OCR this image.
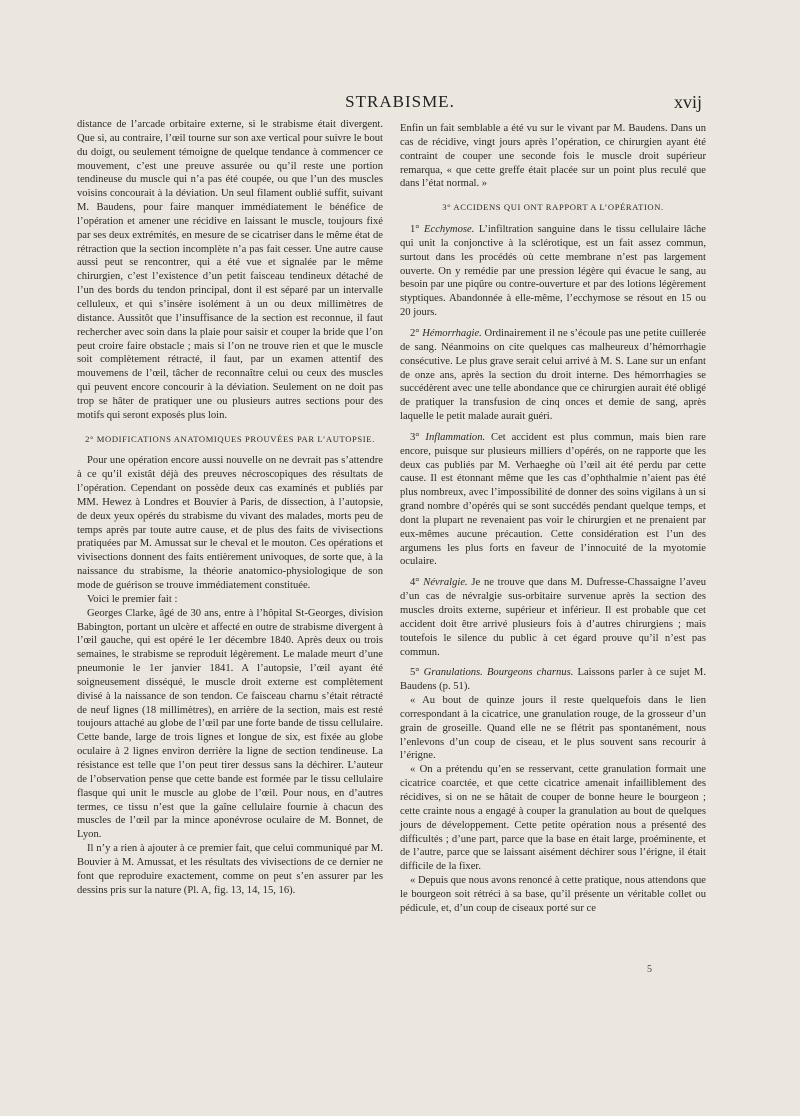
STRABISME.	xvij

distance de l’arcade orbitaire externe, si le strabisme était divergent. Que si, au contraire, l’œil tourne sur son axe vertical pour suivre le bout du doigt, ou seulement témoigne de quelque tendance à commencer ce mouvement, c’est une preuve assurée ou qu’il reste une portion tendineuse du muscle qui n’a pas été coupée, ou que l’un des muscles voisins concourait à la déviation. Un seul filament oublié suffit, suivant M. Baudens, pour faire manquer immédiatement le bénéfice de l’opération et amener une récidive en laissant le muscle, toujours fixé par ses deux extrémités, en mesure de se cicatriser dans le même état de rétraction que la section incomplète n’a pas fait cesser. Une autre cause aussi peut se rencontrer, qui a été vue et signalée par le même chirurgien, c’est l’existence d’un petit faisceau tendineux détaché de l’un des bords du tendon principal, dont il est séparé par un intervalle celluleux, et qui s’insère isolément à un ou deux millimètres de distance. Aussitôt que l’insuffisance de la section est reconnue, il faut rechercher avec soin dans la plaie pour saisir et couper la bride que l’on peut croire faire obstacle ; mais si l’on ne trouve rien et que le muscle soit complètement rétracté, il faut, par un examen attentif des mouvemens de l’œil, tâcher de reconnaître celui ou ceux des muscles qui peuvent encore concourir à la déviation. Seulement on ne doit pas trop se hâter de pratiquer une ou plusieurs autres sections pour des motifs qui seront exposés plus loin.

2° MODIFICATIONS ANATOMIQUES PROUVÉES PAR L’AUTOPSIE.

Pour une opération encore aussi nouvelle on ne devrait pas s’attendre à ce qu’il existât déjà des preuves nécroscopiques des résultats de l’opération. Cependant on possède deux cas examinés et publiés par MM. Hewez à Londres et Bouvier à Paris, de dissection, à l’autopsie, de deux yeux opérés du strabisme du vivant des malades, morts peu de temps après par toute autre cause, et de plus des faits de vivisections pratiquées par M. Amussat sur le cheval et le mouton. Ces opérations et vivisections donnent des faits entièrement univoques, de sorte que, à la naissance du strabisme, la théorie anatomico-physiologique de son mode de guérison se trouve immédiatement constituée.

Voici le premier fait :

Georges Clarke, âgé de 30 ans, entre à l’hôpital St-Georges, division Babington, portant un ulcère et affecté en outre de strabisme divergent à l’œil gauche, qui est opéré le 1er décembre 1840. Après deux ou trois semaines, le strabisme se reproduit légèrement. Le malade meurt d’une pneumonie le 1er janvier 1841. A l’autopsie, l’œil ayant été soigneusement disséqué, le muscle droit externe est complètement divisé à la naissance de son tendon. Ce faisceau charnu s’était rétracté de neuf lignes (18 millimètres), en arrière de la section, mais est resté toujours attaché au globe de l’œil par une forte bande de tissu cellulaire. Cette bande, large de trois lignes et longue de six, est fixée au globe oculaire à 2 lignes environ derrière la ligne de section tendineuse. La résistance est telle que l’on peut tirer dessus sans la déchirer. L’auteur de l’observation pense que cette bande est formée par le tissu cellulaire flasque qui unit le muscle au globe de l’œil. Pour nous, en d’autres termes, ce tissu n’est que la gaîne cellulaire fournie à chacun des muscles de l’œil par la mince aponévrose oculaire de M. Bonnet, de Lyon.

Il n’y a rien à ajouter à ce premier fait, que celui communiqué par M. Bouvier à M. Amussat, et les résultats des vivisections de ce dernier ne font que reproduire exactement, comme on peut s’en assurer par les dessins pris sur la nature (Pl. A, fig. 13, 14, 15, 16).

Enfin un fait semblable a été vu sur le vivant par M. Baudens. Dans un cas de récidive, vingt jours après l’opération, ce chirurgien ayant été contraint de couper une seconde fois le muscle droit supérieur remarqua, « que cette greffe était placée sur un point plus reculé que dans l’état normal. »

3° ACCIDENS QUI ONT RAPPORT A L’OPÉRATION.

1° Ecchymose. L’infiltration sanguine dans le tissu cellulaire lâche qui unit la conjonctive à la sclérotique, est un fait assez commun, surtout dans les procédés où cette membrane n’est pas largement ouverte. On y remédie par une pression légère qui évacue le sang, au besoin par une piqûre ou contre-ouverture et par des lotions légèrement styptiques. Abandonnée à elle-même, l’ecchymose se résout en 15 ou 20 jours.

2° Hémorrhagie. Ordinairement il ne s’écoule pas une petite cuillerée de sang. Néanmoins on cite quelques cas malheureux d’hémorrhagie consécutive. Le plus grave serait celui arrivé à M. S. Lane sur un enfant de onze ans, après la section du droit interne. Des hémorrhagies se succédèrent avec une telle abondance que ce chirurgien aurait été obligé de pratiquer la transfusion de cinq onces et demie de sang, après laquelle le petit malade aurait guéri.

3° Inflammation. Cet accident est plus commun, mais bien rare encore, puisque sur plusieurs milliers d’opérés, on ne rapporte que les deux cas publiés par M. Verhaeghe où l’œil ait été perdu par cette cause. Il est étonnant même que les cas d’ophthalmie n’aient pas été plus nombreux, avec l’impossibilité de donner des soins vigilans à un si grand nombre d’opérés qui se sont succédés pendant quelque temps, et dont la plupart ne revenaient pas voir le chirurgien et ne prenaient par eux-mêmes aucune précaution. Cette considération est l’un des argumens les plus forts en faveur de l’innocuité de la myotomie oculaire.

4° Névralgie. Je ne trouve que dans M. Dufresse-Chassaigne l’aveu d’un cas de névralgie sus-orbitaire survenue après la section des muscles droits externe, supérieur et inférieur. Il est probable que cet accident doit être arrivé plusieurs fois à d’autres chirurgiens ; mais toutefois le silence du public à cet égard prouve qu’il n’est pas commun.

5° Granulations. Bourgeons charnus. Laissons parler à ce sujet M. Baudens (p. 51).

« Au bout de quinze jours il reste quelquefois dans le lien correspondant à la cicatrice, une granulation rouge, de la grosseur d’un grain de groseille. Quand elle ne se flétrit pas spontanément, nous l’enlevons d’un coup de ciseau, et le plus souvent sans recourir à l’érigne.

« On a prétendu qu’en se resservant, cette granulation formait une cicatrice coarctée, et que cette cicatrice amenait infailliblement des récidives, si on ne se hâtait de couper de bonne heure le bourgeon ; cette crainte nous a engagé à couper la granulation au bout de quelques jours de développement. Cette petite opération nous a présenté des difficultés ; d’une part, parce que la base en était large, proéminente, et de l’autre, parce que se laissant aisément déchirer sous l’érigne, il était difficile de la fixer.

« Depuis que nous avons renoncé à cette pratique, nous attendons que le bourgeon soit rétréci à sa base, qu’il présente un véritable collet ou pédicule, et, d’un coup de ciseaux porté sur ce

5
